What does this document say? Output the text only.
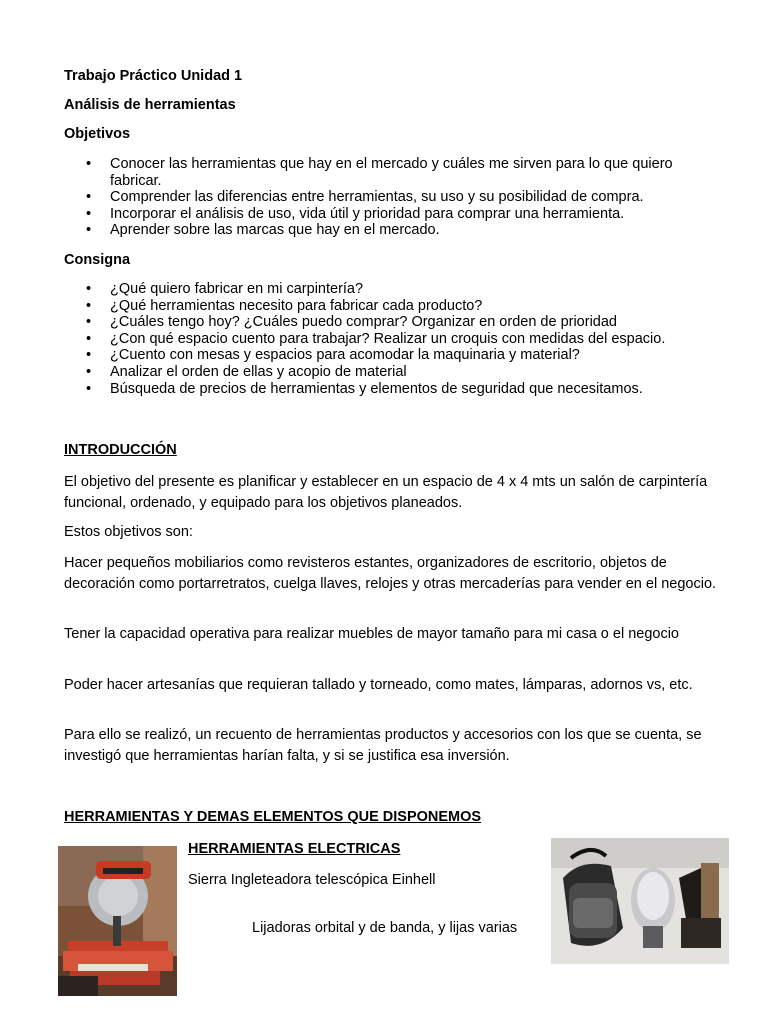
Trabajo Práctico Unidad 1
Análisis de herramientas
Objetivos
• Conocer las herramientas que hay en el mercado y cuáles me sirven para lo que quiero fabricar.
• Comprender las diferencias entre herramientas, su uso y su posibilidad de compra.
• Incorporar el análisis de uso, vida útil y prioridad para comprar una herramienta.
• Aprender sobre las marcas que hay en el mercado.
Consigna
• ¿Qué quiero fabricar en mi carpintería?
• ¿Qué herramientas necesito para fabricar cada producto?
• ¿Cuáles tengo hoy? ¿Cuáles puedo comprar? Organizar en orden de prioridad
• ¿Con qué espacio cuento para trabajar? Realizar un croquis con medidas del espacio.
• ¿Cuento con mesas y espacios para acomodar la maquinaria y material?
• Analizar el orden de ellas y acopio de material
• Búsqueda de precios de herramientas y elementos de seguridad que necesitamos.
INTRODUCCIÓN
El objetivo del presente es planificar y establecer en un espacio de 4 x 4 mts un salón de carpintería funcional, ordenado, y equipado para los objetivos planeados.
Estos objetivos son:
Hacer pequeños mobiliarios como revisteros estantes, organizadores de escritorio, objetos de decoración como portarretratos, cuelga llaves, relojes y otras mercaderías para vender en el negocio.
Tener la capacidad operativa para realizar muebles de mayor tamaño para mi casa o el negocio
Poder hacer artesanías que requieran tallado y torneado, como mates, lámparas, adornos vs, etc.
Para ello se realizó, un recuento de herramientas productos y accesorios con los que se cuenta, se investigó que herramientas harían falta, y si se justifica esa inversión.
HERRAMIENTAS Y DEMAS ELEMENTOS QUE DISPONEMOS
HERRAMIENTAS ELECTRICAS
Sierra Ingleteadora telescópica Einhell
Lijadoras orbital y de banda, y lijas varias
